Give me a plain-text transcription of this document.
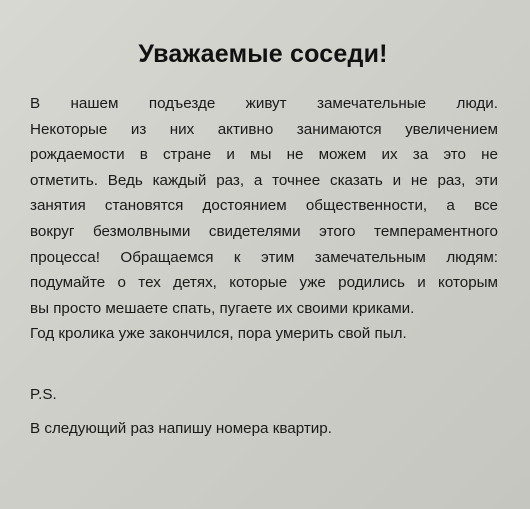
Уважаемые соседи!
В нашем подъезде живут замечательные люди.
Некоторые из них активно занимаются увеличением
рождаемости в стране и мы не можем их за это не
отметить. Ведь каждый раз, а точнее сказать и не раз, эти
занятия становятся достоянием общественности, а все
вокруг безмолвными свидетелями этого темпераментного
процесса! Обращаемся к этим замечательным людям:
подумайте о тех детях, которые уже родились и которым
вы просто мешаете спать, пугаете их своими криками.
Год кролика уже закончился, пора умерить свой пыл.
P.S.
В следующий раз напишу номера квартир.
